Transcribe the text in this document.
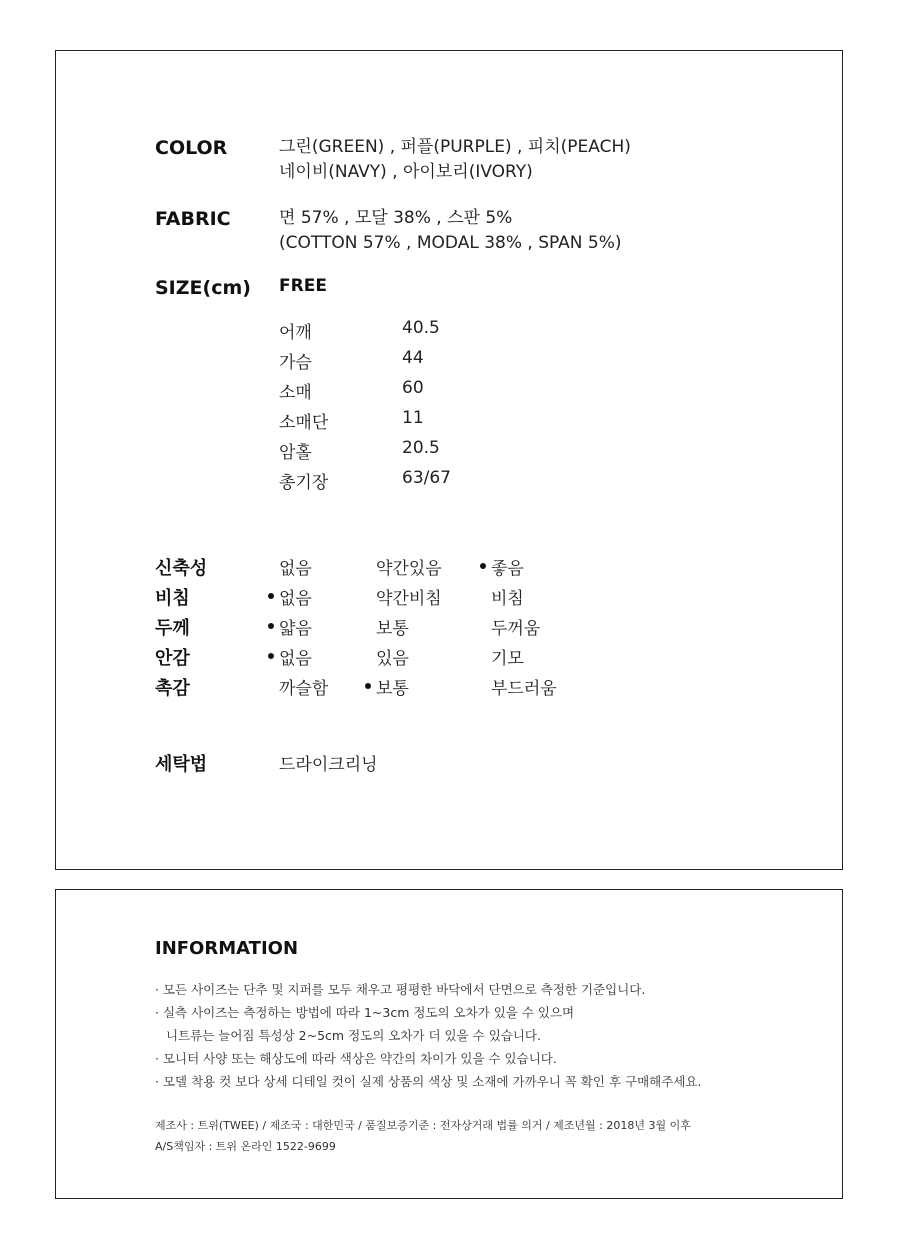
COLOR	그린(GREEN) , 퍼플(PURPLE) , 피치(PEACH)
네이비(NAVY) , 아이보리(IVORY)
FABRIC	면 57% , 모달 38% , 스판 5%
(COTTON 57% , MODAL 38% , SPAN 5%)
SIZE(cm) FREE
어깨	40.5
가슴	44
소매	60
소매단	11
암홀	20.5
총기장	63/67
신축성	없음	약간있음	좋음
비침	없음	약간비침	비침
두께	얇음	보통	두꺼움
안감	없음	있음	기모
촉감	까슬함	보통	부드러움
세탁법	드라이크리닝
INFORMATION
· 모든 사이즈는 단추 및 지퍼를 모두 채우고 평평한 바닥에서 단면으로 측정한 기준입니다.
· 실측 사이즈는 측정하는 방법에 따라 1~3cm 정도의 오차가 있을 수 있으며
니트류는 늘어짐 특성상 2~5cm 정도의 오차가 더 있을 수 있습니다.
· 모니터 사양 또는 해상도에 따라 색상은 약간의 차이가 있을 수 있습니다.
· 모델 착용 컷 보다 상세 디테일 컷이 실제 상품의 색상 및 소재에 가까우니 꼭 확인 후 구매해주세요.
제조사 : 트위(TWEE) / 제조국 : 대한민국 / 품질보증기준 : 전자상거래 법률 의거 / 제조년월 : 2018년 3월 이후
A/S책임자 : 트위 온라인 1522-9699
